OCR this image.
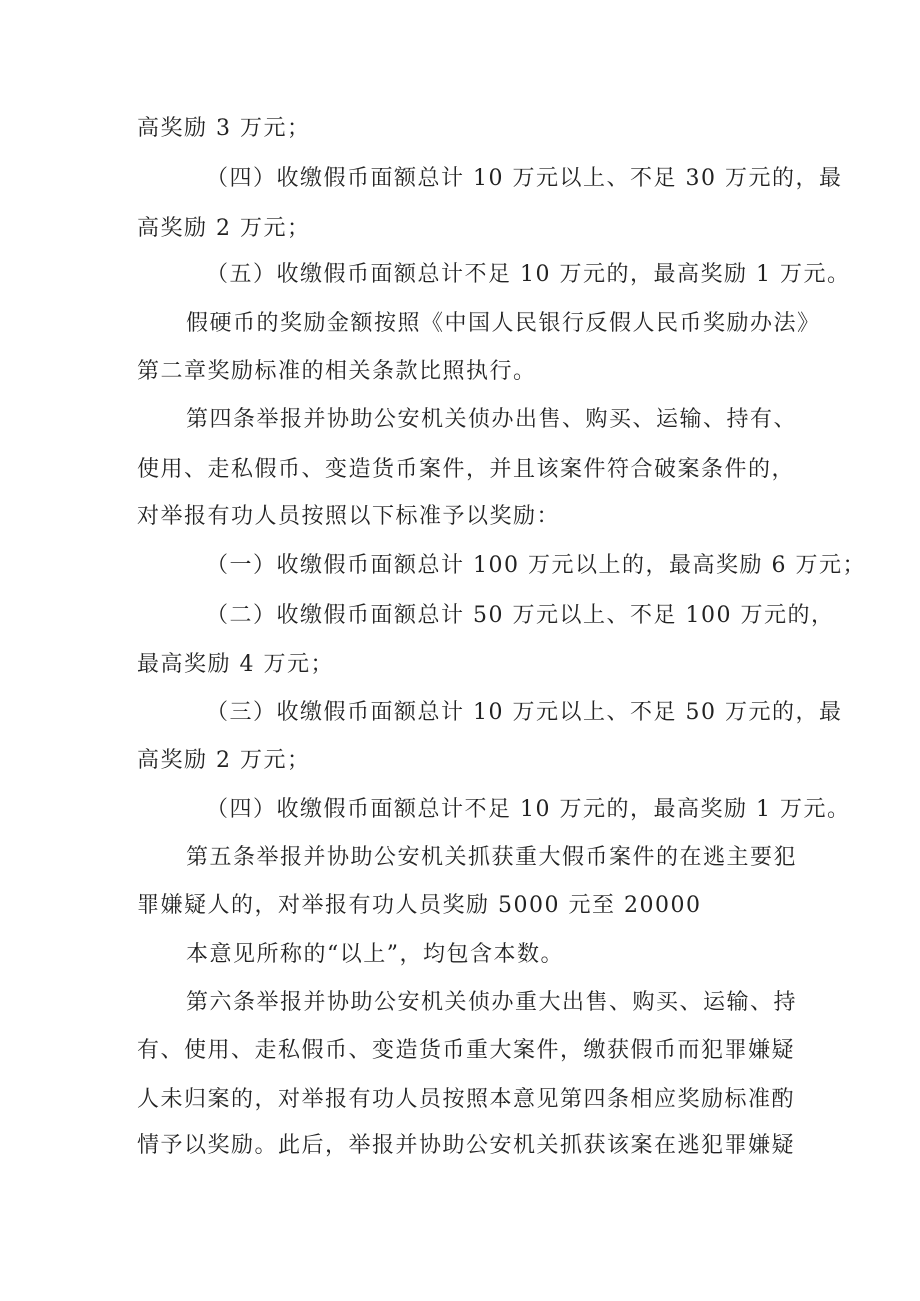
高奖励 3 万元；
（四）收缴假币面额总计 10 万元以上、不足 30 万元的，最
高奖励 2 万元；
（五）收缴假币面额总计不足 10 万元的，最高奖励 1 万元。
假硬币的奖励金额按照《中国人民银行反假人民币奖励办法》
第二章奖励标准的相关条款比照执行。
第四条举报并协助公安机关侦办出售、购买、运输、持有、
使用、走私假币、变造货币案件，并且该案件符合破案条件的，
对举报有功人员按照以下标准予以奖励：
（一）收缴假币面额总计 100 万元以上的，最高奖励 6 万元；
（二）收缴假币面额总计 50 万元以上、不足 100 万元的，
最高奖励 4 万元；
（三）收缴假币面额总计 10 万元以上、不足 50 万元的，最
高奖励 2 万元；
（四）收缴假币面额总计不足 10 万元的，最高奖励 1 万元。
第五条举报并协助公安机关抓获重大假币案件的在逃主要犯
罪嫌疑人的，对举报有功人员奖励 5000 元至 20000
本意见所称的“以上”，均包含本数。
第六条举报并协助公安机关侦办重大出售、购买、运输、持
有、使用、走私假币、变造货币重大案件，缴获假币而犯罪嫌疑
人未归案的，对举报有功人员按照本意见第四条相应奖励标准酌
情予以奖励。此后，举报并协助公安机关抓获该案在逃犯罪嫌疑
